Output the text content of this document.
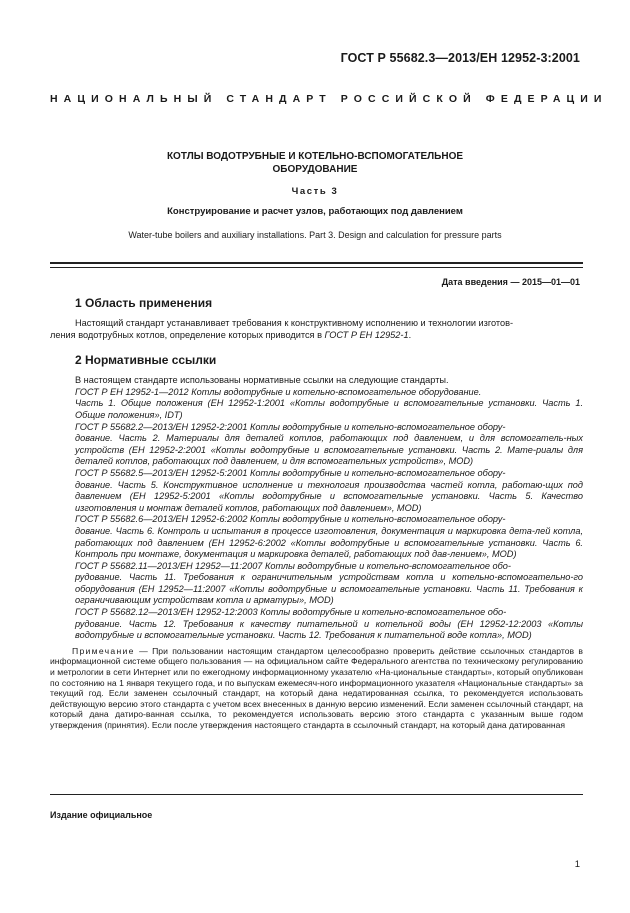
ГОСТ Р 55682.3—2013/ЕН 12952-3:2001
НАЦИОНАЛЬНЫЙ СТАНДАРТ РОССИЙСКОЙ ФЕДЕРАЦИИ
КОТЛЫ ВОДОТРУБНЫЕ И КОТЕЛЬНО-ВСПОМОГАТЕЛЬНОЕ
ОБОРУДОВАНИЕ
Часть 3
Конструирование и расчет узлов, работающих под давлением
Water-tube boilers and auxiliary installations. Part 3. Design and calculation for pressure parts
Дата введения — 2015—01—01
1 Область применения

Настоящий стандарт устанавливает требования к конструктивному исполнению и технологии изготов-

ления водотрубных котлов, определение которых приводится в ГОСТ Р ЕН 12952-1.

2 Нормативные ссылки

В настоящем стандарте использованы нормативные ссылки на следующие стандарты.

ГОСТ Р ЕН 12952-1—2012 Котлы водотрубные и котельно-вспомогательное оборудование.

Часть 1. Общие положения (ЕН 12952-1:2001 «Котлы водотрубные и вспомогательные установки. Часть 1. Общие положения», IDT)

ГОСТ Р 55682.2—2013/ЕН 12952-2:2001 Котлы водотрубные и котельно-вспомогательное обору-

дование. Часть 2. Материалы для деталей котлов, работающих под давлением, и для вспомогатель-ных устройств (ЕН 12952-2:2001 «Котлы водотрубные и вспомогательные установки. Часть 2. Мате-риалы для деталей котлов, работающих под давлением, и для вспомогательных устройств», MOD)

ГОСТ Р 55682.5—2013/ЕН 12952-5:2001 Котлы водотрубные и котельно-вспомогательное обору-

дование. Часть 5. Конструктивное исполнение и технология производства частей котла, работаю-щих под давлением (ЕН 12952-5:2001 «Котлы водотрубные и вспомогательные установки. Часть 5. Качество изготовления и монтаж деталей котлов, работающих под давлением», MOD)

ГОСТ Р 55682.6—2013/ЕН 12952-6:2002 Котлы водотрубные и котельно-вспомогательное обору-

дование. Часть 6. Контроль и испытания в процессе изготовления, документация и маркировка дета-лей котла, работающих под давлением (ЕН 12952-6:2002 «Котлы водотрубные и вспомогательные установки. Часть 6. Контроль при монтаже, документация и маркировка деталей, работающих под дав-лением», MOD)

ГОСТ Р 55682.11—2013/ЕН 12952—11:2007 Котлы водотрубные и котельно-вспомогательное обо-

рудование. Часть 11. Требования к ограничительным устройствам котла и котельно-вспомогательно-го оборудования (ЕН 12952—11:2007 «Котлы водотрубные и вспомогательные установки. Часть 11. Требования к ограничивающим устройствам котла и арматуры», MOD)

ГОСТ Р 55682.12—2013/ЕН 12952-12:2003 Котлы водотрубные и котельно-вспомогательное обо-

рудование. Часть 12. Требования к качеству питательной и котельной воды (ЕН 12952-12:2003 «Котлы водотрубные и вспомогательные установки. Часть 12. Требования к питательной воде котла», MOD)

Примечание — При пользовании настоящим стандартом целесообразно проверить действие ссылочных стандартов в информационной системе общего пользования — на официальном сайте Федерального агентства по техническому регулированию и метрологии в сети Интернет или по ежегодному информационному указателю «На-циональные стандарты», который опубликован по состоянию на 1 января текущего года, и по выпускам ежемесяч-ного информационного указателя «Национальные стандарты» за текущий год. Если заменен ссылочный стандарт, на который дана недатированная ссылка, то рекомендуется использовать действующую версию этого стандарта с учетом всех внесенных в данную версию изменений. Если заменен ссылочный стандарт, на который дана датиро-ванная ссылка, то рекомендуется использовать версию этого стандарта с указанным выше годом утверждения (принятия). Если после утверждения настоящего стандарта в ссылочный стандарт, на который дана датированная

Издание официальное
1
